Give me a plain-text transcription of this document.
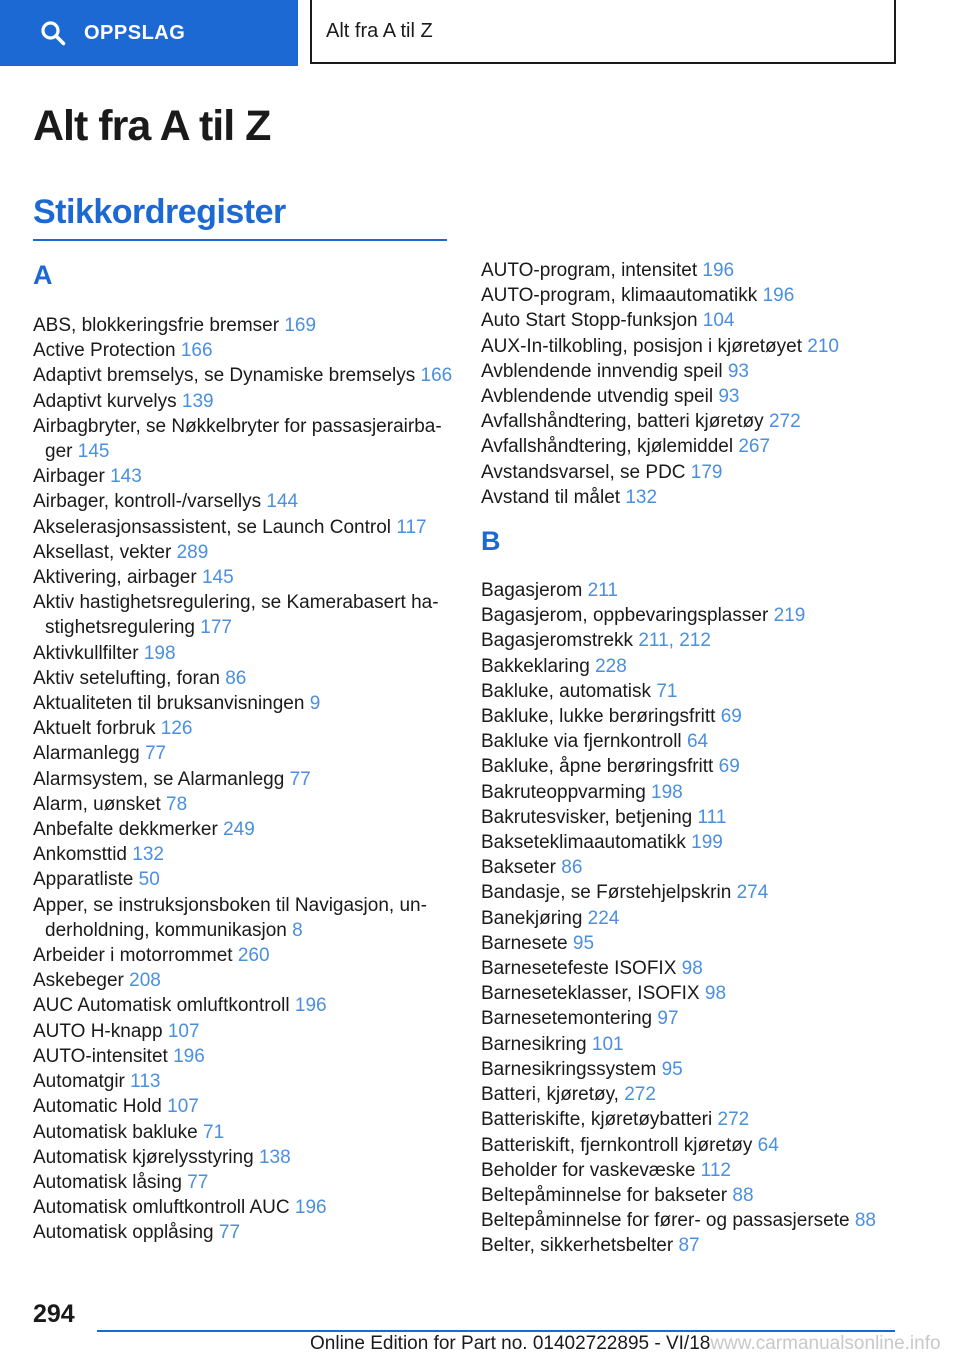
OPPSLAG	Alt fra A til Z
Alt fra A til Z
Stikkordregister
A
ABS, blokkeringsfrie bremser 169
Active Protection 166
Adaptivt bremselys, se Dynamiske bremselys 166
Adaptivt kurvelys 139
Airbagbryter, se Nøkkelbryter for passasjerairbager 145
Airbager 143
Airbager, kontroll-/varsellys 144
Akselerasjonsassistent, se Launch Control 117
Aksellast, vekter 289
Aktivering, airbager 145
Aktiv hastighetsregulering, se Kamerabasert hastighetsregulering 177
Aktivkullfilter 198
Aktiv setelufting, foran 86
Aktualiteten til bruksanvisningen 9
Aktuelt forbruk 126
Alarmanlegg 77
Alarmsystem, se Alarmanlegg 77
Alarm, uønsket 78
Anbefalte dekkmerker 249
Ankomsttid 132
Apparatliste 50
Apper, se instruksjonsboken til Navigasjon, underholdning, kommunikasjon 8
Arbeider i motorrommet 260
Askebeger 208
AUC Automatisk omluftkontroll 196
AUTO H-knapp 107
AUTO-intensitet 196
Automatgir 113
Automatic Hold 107
Automatisk bakluke 71
Automatisk kjørelysstyring 138
Automatisk låsing 77
Automatisk omluftkontroll AUC 196
Automatisk opplåsing 77
AUTO-program, intensitet 196
AUTO-program, klimaautomatikk 196
Auto Start Stopp-funksjon 104
AUX-In-tilkobling, posisjon i kjøretøyet 210
Avblendende innvendig speil 93
Avblendende utvendig speil 93
Avfallshåndtering, batteri kjøretøy 272
Avfallshåndtering, kjølemiddel 267
Avstandsvarsel, se PDC 179
Avstand til målet 132
B
Bagasjerom 211
Bagasjerom, oppbevaringsplasser 219
Bagasjeromstrekk 211, 212
Bakkeklaring 228
Bakluke, automatisk 71
Bakluke, lukke berøringsfritt 69
Bakluke via fjernkontroll 64
Bakluke, åpne berøringsfritt 69
Bakruteoppvarming 198
Bakrutesvisker, betjening 111
Bakseteklimaautomatikk 199
Bakseter 86
Bandasje, se Førstehjelpskrin 274
Banekjøring 224
Barnesete 95
Barnesetefeste ISOFIX 98
Barneseteklasser, ISOFIX 98
Barnesetemontering 97
Barnesikring 101
Barnesikringssystem 95
Batteri, kjøretøy, 272
Batteriskifte, kjøretøybatteri 272
Batteriskift, fjernkontroll kjøretøy 64
Beholder for vaskevæske 112
Beltepåminnelse for bakseter 88
Beltepåminnelse for fører- og passasjersete 88
Belter, sikkerhetsbelter 87
294
Online Edition for Part no. 01402722895 - VI/18www.carmanualsonline.info
